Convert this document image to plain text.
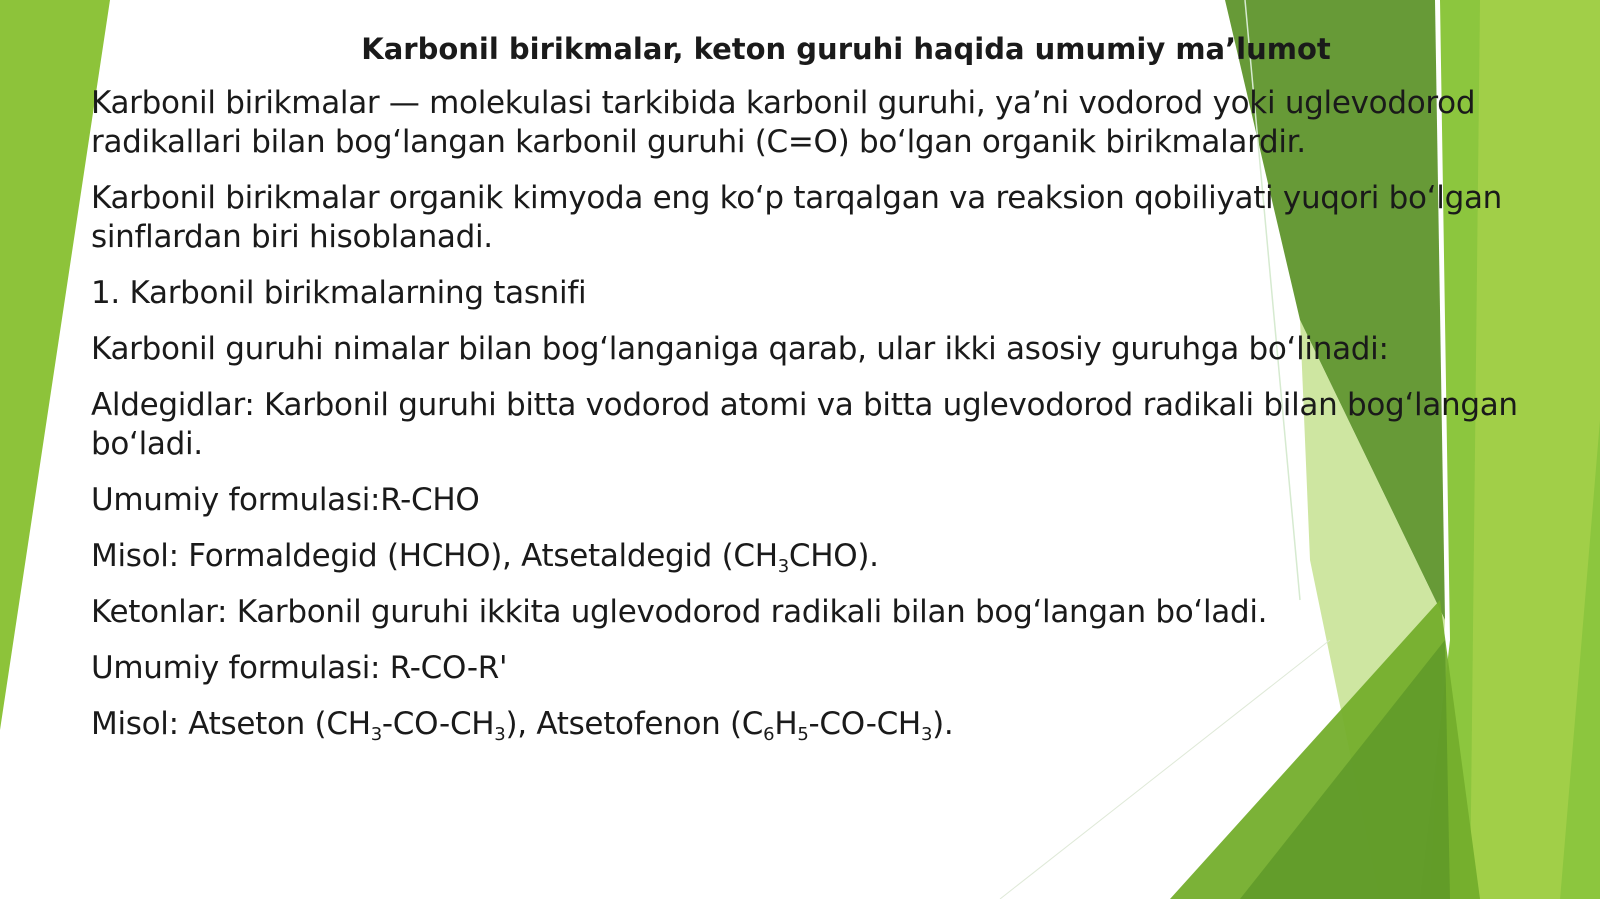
Karbonil birikmalar, keton guruhi haqida umumiy ma’lumot

Karbonil birikmalar — molekulasi tarkibida karbonil guruhi, ya’ni vodorod yoki uglevodorod radikallari bilan bog‘langan karbonil guruhi (C=O) bo‘lgan organik birikmalardir.

Karbonil birikmalar organik kimyoda eng ko‘p tarqalgan va reaksion qobiliyati yuqori bo‘lgan sinflardan biri hisoblanadi.

1. Karbonil birikmalarning tasnifi

Karbonil guruhi nimalar bilan bog‘langaniga qarab, ular ikki asosiy guruhga bo‘linadi:

Aldegidlar: Karbonil guruhi bitta vodorod atomi va bitta uglevodorod radikali bilan bog‘langan bo‘ladi.

Umumiy formulasi:R-CHO

Misol: Formaldegid (HCHO), Atsetaldegid $(CH_3CHO)$.

Ketonlar: Karbonil guruhi ikkita uglevodorod radikali bilan bog‘langan bo‘ladi.

Umumiy formulasi: R-CO-R'

Misol: Atseton $(CH_3-CO-CH_3)$, Atsetofenon $(C_6H_5-CO-CH_3)$.
